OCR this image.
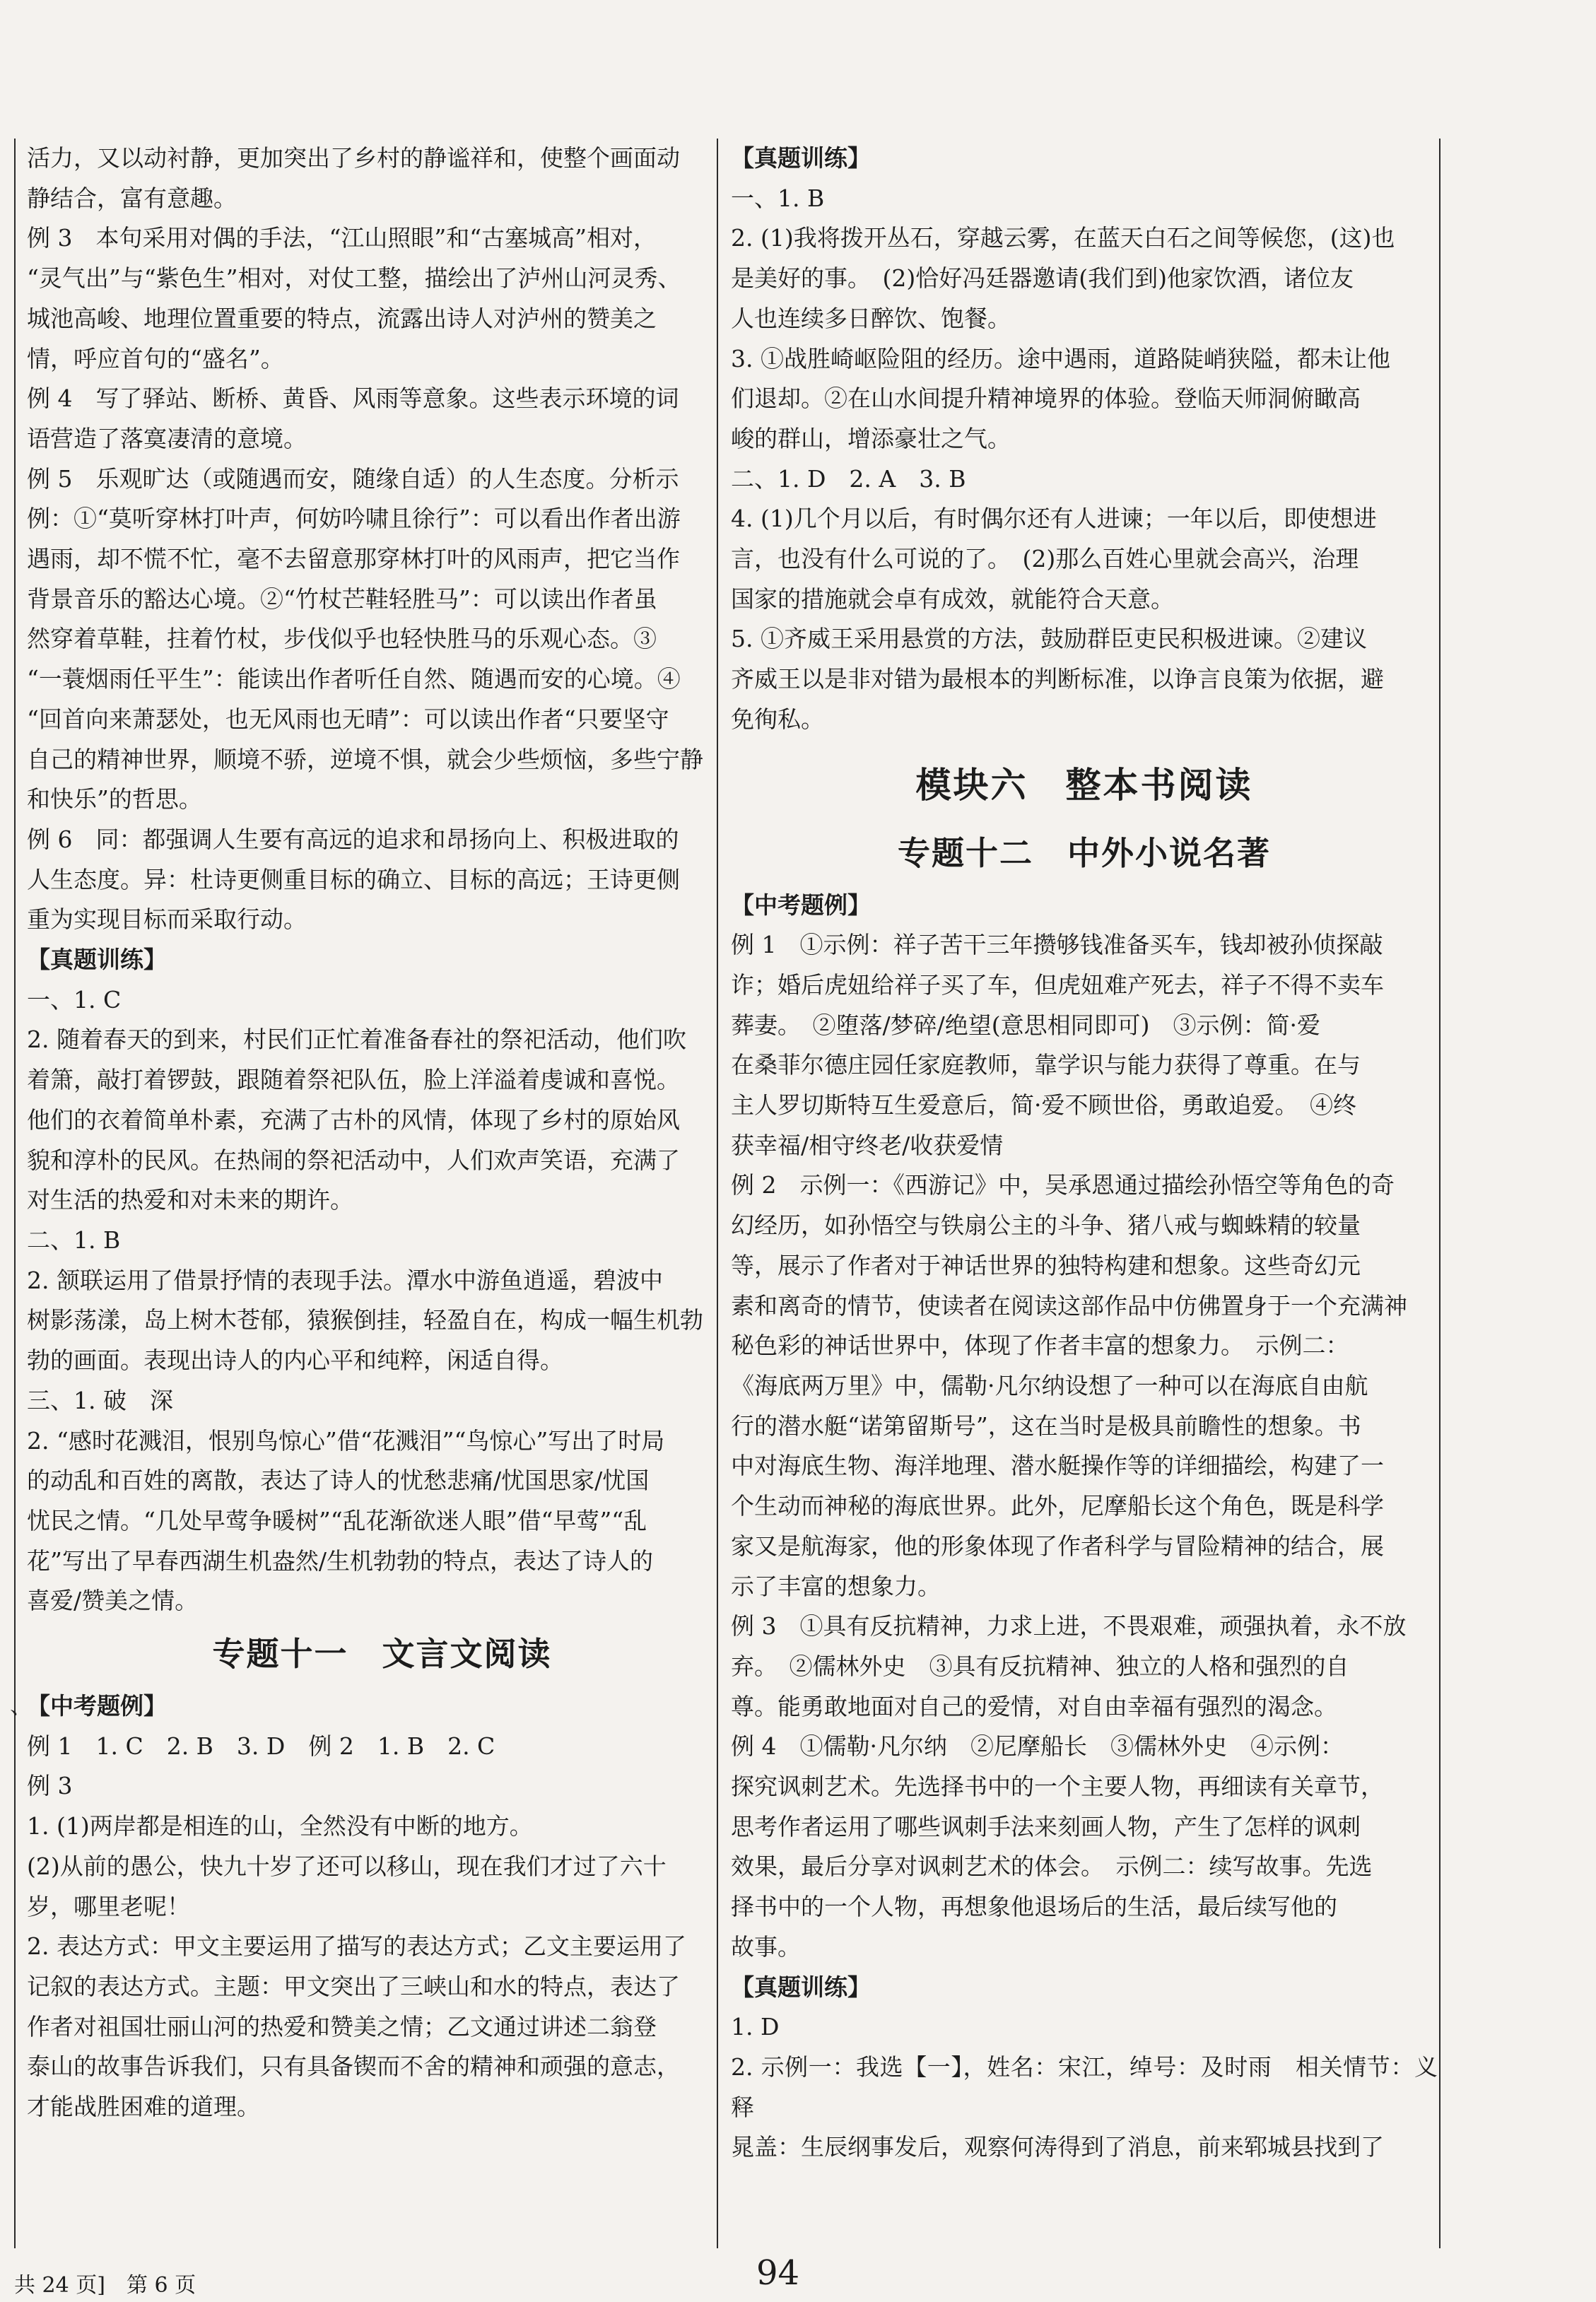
活力，又以动衬静，更加突出了乡村的静谧祥和，使整个画面动

静结合，富有意趣。

例 3　本句采用对偶的手法，“江山照眼”和“古塞城高”相对，

“灵气出”与“紫色生”相对，对仗工整，描绘出了泸州山河灵秀、

城池高峻、地理位置重要的特点，流露出诗人对泸州的赞美之

情，呼应首句的“盛名”。

例 4　写了驿站、断桥、黄昏、风雨等意象。这些表示环境的词

语营造了落寞凄清的意境。

例 5　乐观旷达（或随遇而安，随缘自适）的人生态度。分析示

例：①“莫听穿林打叶声，何妨吟啸且徐行”：可以看出作者出游

遇雨，却不慌不忙，毫不去留意那穿林打叶的风雨声，把它当作

背景音乐的豁达心境。②“竹杖芒鞋轻胜马”：可以读出作者虽

然穿着草鞋，拄着竹杖，步伐似乎也轻快胜马的乐观心态。③

“一蓑烟雨任平生”：能读出作者听任自然、随遇而安的心境。④

“回首向来萧瑟处，也无风雨也无晴”：可以读出作者“只要坚守

自己的精神世界，顺境不骄，逆境不惧，就会少些烦恼，多些宁静

和快乐”的哲思。

例 6　同：都强调人生要有高远的追求和昂扬向上、积极进取的

人生态度。异：杜诗更侧重目标的确立、目标的高远；王诗更侧

重为实现目标而采取行动。

【真题训练】

一、1. C

2. 随着春天的到来，村民们正忙着准备春社的祭祀活动，他们吹

着箫，敲打着锣鼓，跟随着祭祀队伍，脸上洋溢着虔诚和喜悦。

他们的衣着简单朴素，充满了古朴的风情，体现了乡村的原始风

貌和淳朴的民风。在热闹的祭祀活动中，人们欢声笑语，充满了

对生活的热爱和对未来的期许。

二、1. B

2. 颔联运用了借景抒情的表现手法。潭水中游鱼逍遥，碧波中

树影荡漾，岛上树木苍郁，猿猴倒挂，轻盈自在，构成一幅生机勃

勃的画面。表现出诗人的内心平和纯粹，闲适自得。

三、1. 破　深

2. “感时花溅泪，恨别鸟惊心”借“花溅泪”“鸟惊心”写出了时局

的动乱和百姓的离散，表达了诗人的忧愁悲痛/忧国思家/忧国

忧民之情。“几处早莺争暖树”“乱花渐欲迷人眼”借“早莺”“乱

花”写出了早春西湖生机盎然/生机勃勃的特点，表达了诗人的

喜爱/赞美之情。

专题十一　文言文阅读
【中考题例】

例 1　1. C　2. B　3. D　例 2　1. B　2. C

例 3

1. (1)两岸都是相连的山，全然没有中断的地方。

(2)从前的愚公，快九十岁了还可以移山，现在我们才过了六十

岁，哪里老呢！

2. 表达方式：甲文主要运用了描写的表达方式；乙文主要运用了

记叙的表达方式。主题：甲文突出了三峡山和水的特点，表达了

作者对祖国壮丽山河的热爱和赞美之情；乙文通过讲述二翁登

泰山的故事告诉我们，只有具备锲而不舍的精神和顽强的意志，

才能战胜困难的道理。

【真题训练】

一、1. B

2. (1)我将拨开丛石，穿越云雾，在蓝天白石之间等候您，(这)也

是美好的事。　(2)恰好冯廷器邀请(我们到)他家饮酒，诸位友

人也连续多日醉饮、饱餐。

3. ①战胜崎岖险阻的经历。途中遇雨，道路陡峭狭隘，都未让他

们退却。②在山水间提升精神境界的体验。登临天师洞俯瞰高

峻的群山，增添豪壮之气。

二、1. D　2. A　3. B

4. (1)几个月以后，有时偶尔还有人进谏；一年以后，即使想进

言，也没有什么可说的了。　(2)那么百姓心里就会高兴，治理

国家的措施就会卓有成效，就能符合天意。

5. ①齐威王采用悬赏的方法，鼓励群臣吏民积极进谏。②建议

齐威王以是非对错为最根本的判断标准，以诤言良策为依据，避

免徇私。

模块六　整本书阅读
专题十二　中外小说名著
【中考题例】

例 1　①示例：祥子苦干三年攒够钱准备买车，钱却被孙侦探敲

诈；婚后虎妞给祥子买了车，但虎妞难产死去，祥子不得不卖车

葬妻。　②堕落/梦碎/绝望(意思相同即可)　③示例：简·爱

在桑菲尔德庄园任家庭教师，靠学识与能力获得了尊重。在与

主人罗切斯特互生爱意后，简·爱不顾世俗，勇敢追爱。　④终

获幸福/相守终老/收获爱情

例 2　示例一：《西游记》中，吴承恩通过描绘孙悟空等角色的奇

幻经历，如孙悟空与铁扇公主的斗争、猪八戒与蜘蛛精的较量

等，展示了作者对于神话世界的独特构建和想象。这些奇幻元

素和离奇的情节，使读者在阅读这部作品中仿佛置身于一个充满神

秘色彩的神话世界中，体现了作者丰富的想象力。　示例二：

《海底两万里》中，儒勒·凡尔纳设想了一种可以在海底自由航

行的潜水艇“诺第留斯号”，这在当时是极具前瞻性的想象。书

中对海底生物、海洋地理、潜水艇操作等的详细描绘，构建了一

个生动而神秘的海底世界。此外，尼摩船长这个角色，既是科学

家又是航海家，他的形象体现了作者科学与冒险精神的结合，展

示了丰富的想象力。

例 3　①具有反抗精神，力求上进，不畏艰难，顽强执着，永不放

弃。　②儒林外史　③具有反抗精神、独立的人格和强烈的自

尊。能勇敢地面对自己的爱情，对自由幸福有强烈的渴念。

例 4　①儒勒·凡尔纳　②尼摩船长　③儒林外史　④示例：

探究讽刺艺术。先选择书中的一个主要人物，再细读有关章节，

思考作者运用了哪些讽刺手法来刻画人物，产生了怎样的讽刺

效果，最后分享对讽刺艺术的体会。　示例二：续写故事。先选

择书中的一个人物，再想象他退场后的生活，最后续写他的

故事。

【真题训练】

1. D

2. 示例一：我选【一】，姓名：宋江，绰号：及时雨　相关情节：义释

晁盖：生辰纲事发后，观察何涛得到了消息，前来郓城县找到了

、
共 24 页]　第 6 页	94
